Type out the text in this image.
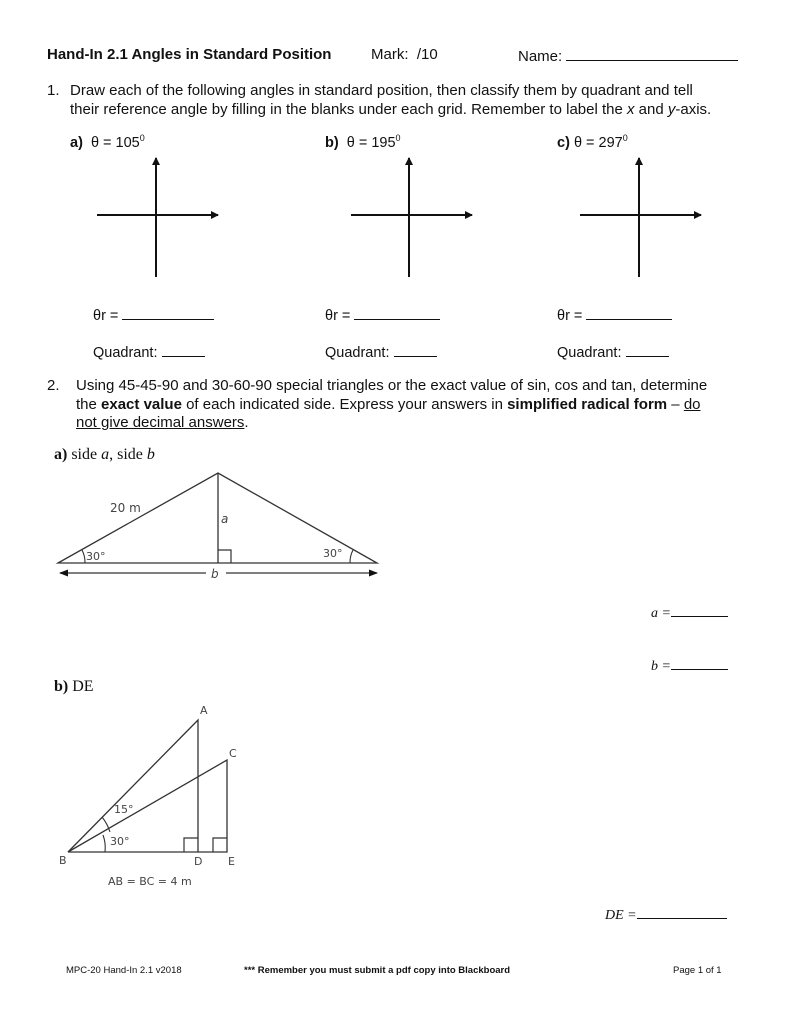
Hand-In 2.1 Angles in Standard Position	Mark: /10	Name:
1. Draw each of the following angles in standard position, then classify them by quadrant and tell
their reference angle by filling in the blanks under each grid. Remember to label the x and y-axis.
a) $\theta = 105^0$	b) $\theta = 195^0$	c) $\theta = 297^0$
θr =	θr =	θr =
Quadrant:	Quadrant:	Quadrant:
2. Using 45-45-90 and 30-60-90 special triangles or the exact value of sin, cos and tan, determine
the exact value of each indicated side. Express your answers in simplified radical form – do
not give decimal answers.
a) side a, side b
20 m
a
b
30°	30°
a =
b =
b) DE
A
B
C
D E
15°
30°
AB = BC = 4 m
DE =
MPC-20 Hand-In 2.1 v2018	*** Remember you must submit a pdf copy into Blackboard	Page 1 of 1
